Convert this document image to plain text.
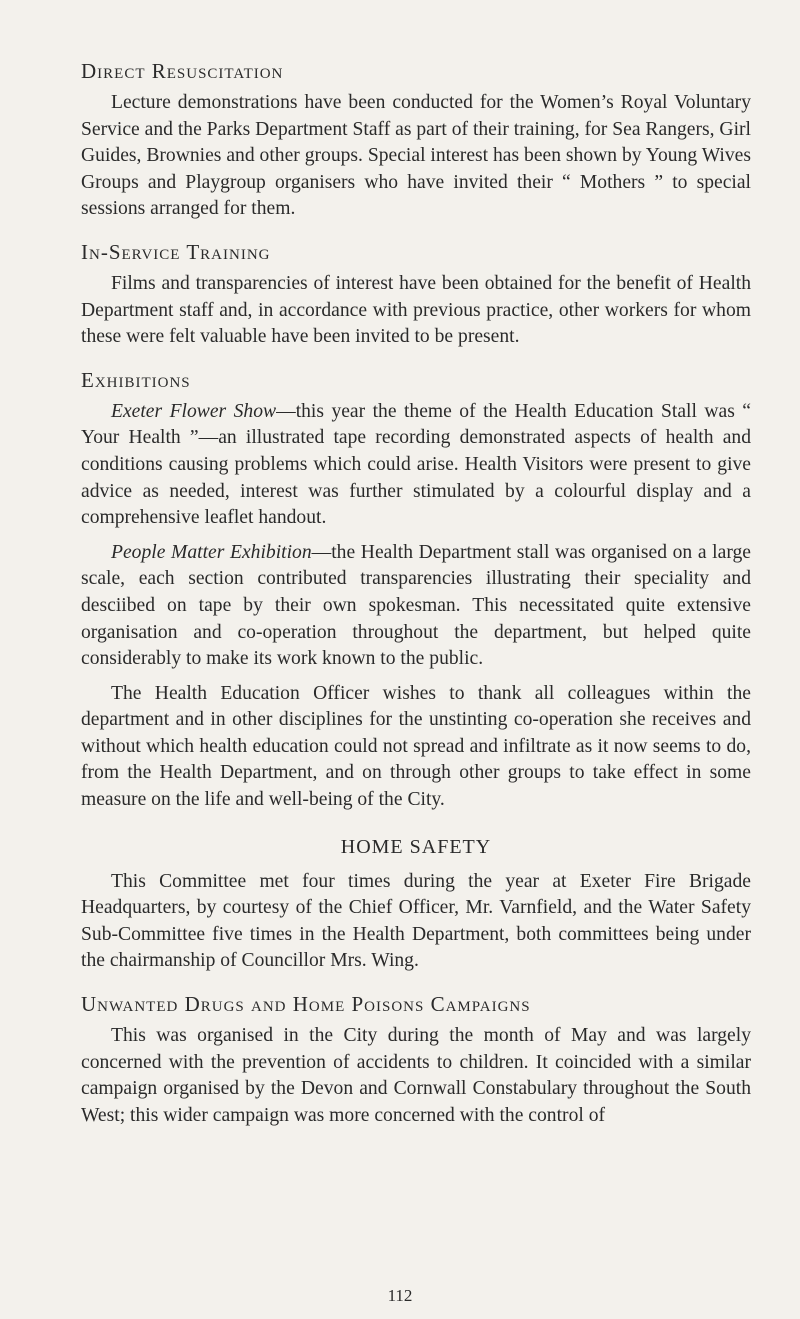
Direct Resuscitation

Lecture demonstrations have been conducted for the Women’s Royal Voluntary Service and the Parks Department Staff as part of their training, for Sea Rangers, Girl Guides, Brownies and other groups. Special interest has been shown by Young Wives Groups and Playgroup organisers who have invited their “ Mothers ” to special sessions arranged for them.

In-Service Training

Films and transparencies of interest have been obtained for the benefit of Health Department staff and, in accordance with previous practice, other workers for whom these were felt valuable have been invited to be present.

Exhibitions

Exeter Flower Show—this year the theme of the Health Education Stall was “ Your Health ”—an illustrated tape recording demonstrated aspects of health and conditions causing problems which could arise. Health Visitors were present to give advice as needed, interest was further stimulated by a colourful display and a comprehensive leaflet handout.

People Matter Exhibition—the Health Department stall was organised on a large scale, each section contributed transparencies illustrating their speciality and desciibed on tape by their own spokesman. This necessitated quite extensive organisation and co-operation throughout the department, but helped quite considerably to make its work known to the public.

The Health Education Officer wishes to thank all colleagues within the department and in other disciplines for the unstinting co-operation she receives and without which health education could not spread and infiltrate as it now seems to do, from the Health Department, and on through other groups to take effect in some measure on the life and well-being of the City.

HOME SAFETY

This Committee met four times during the year at Exeter Fire Brigade Headquarters, by courtesy of the Chief Officer, Mr. Varnfield, and the Water Safety Sub-Committee five times in the Health Department, both committees being under the chairmanship of Councillor Mrs. Wing.

Unwanted Drugs and Home Poisons Campaigns

This was organised in the City during the month of May and was largely concerned with the prevention of accidents to children. It coincided with a similar campaign organised by the Devon and Cornwall Constabulary throughout the South West; this wider campaign was more concerned with the control of

112
